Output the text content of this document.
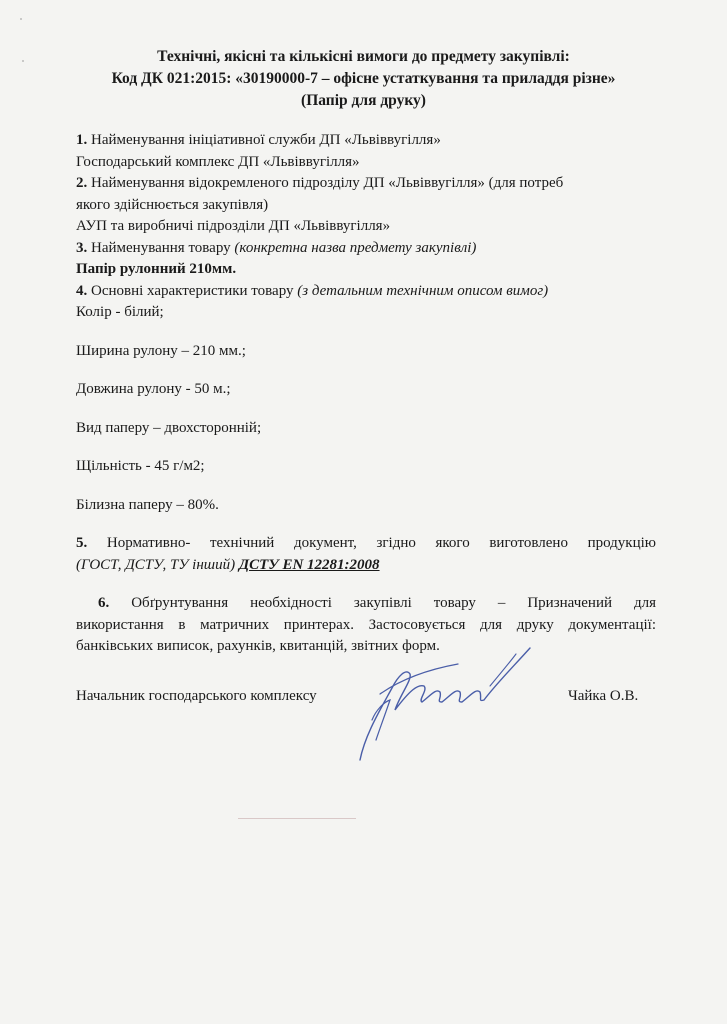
Технічні, якісні та кількісні вимоги до предмету закупівлі:
Код ДК 021:2015: «30190000-7 – офісне устаткування та приладдя різне»
(Папір для друку)
1. Найменування ініціативної служби ДП «Львіввугілля»
Господарський комплекс ДП «Львіввугілля»
2. Найменування відокремленого підрозділу ДП «Львіввугілля» (для потреб
якого здійснюється закупівля)
АУП та виробничі підрозділи ДП «Львіввугілля»
3. Найменування товару (конкретна назва предмету закупівлі)
Папір рулонний 210мм.
4. Основні характеристики товару (з детальним технічним описом вимог)
Колір - білий;
Ширина рулону – 210 мм.;
Довжина рулону - 50 м.;
Вид паперу – двохсторонній;
Щільність - 45 г/м2;
Білизна паперу – 80%.
5. Нормативно- технічний документ, згідно якого виготовлено продукцію
(ГОСТ, ДСТУ, ТУ інший) ДСТУ EN 12281:2008
6. Обґрунтування необхідності закупівлі товару – Призначений для
використання в матричних принтерах. Застосовується для друку документації:
банківських виписок, рахунків, квитанцій, звітних форм.
Начальник господарського комплексу	Чайка О.В.
